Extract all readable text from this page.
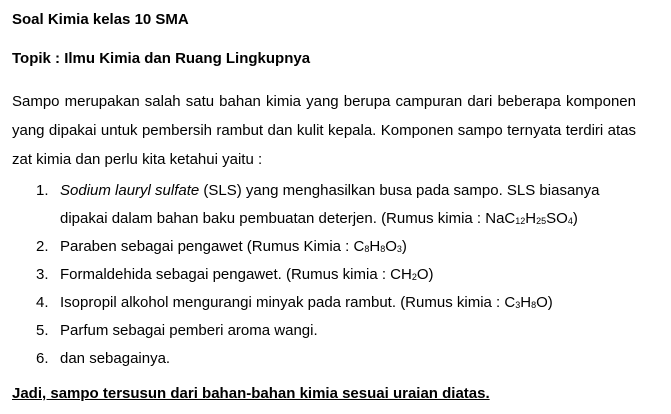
Soal Kimia kelas 10 SMA
Topik : Ilmu Kimia dan Ruang Lingkupnya

Sampo merupakan salah satu bahan kimia yang berupa campuran dari beberapa komponen yang dipakai untuk pembersih rambut dan kulit kepala. Komponen sampo ternyata terdiri atas zat kimia dan perlu kita ketahui yaitu :

1. Sodium lauryl sulfate (SLS) yang menghasilkan busa pada sampo. SLS biasanya dipakai dalam bahan baku pembuatan deterjen. (Rumus kimia : $NaC_{12}H_{25}SO_4$)
2. Paraben sebagai pengawet (Rumus Kimia : $C_8H_8O_3$)
3. Formaldehida sebagai pengawet. (Rumus kimia : $CH_2O$)
4. Isopropil alkohol mengurangi minyak pada rambut. (Rumus kimia : $C_3H_8O$)
5. Parfum sebagai pemberi aroma wangi.
6. dan sebagainya.
Jadi, sampo tersusun dari bahan-bahan kimia sesuai uraian diatas.
